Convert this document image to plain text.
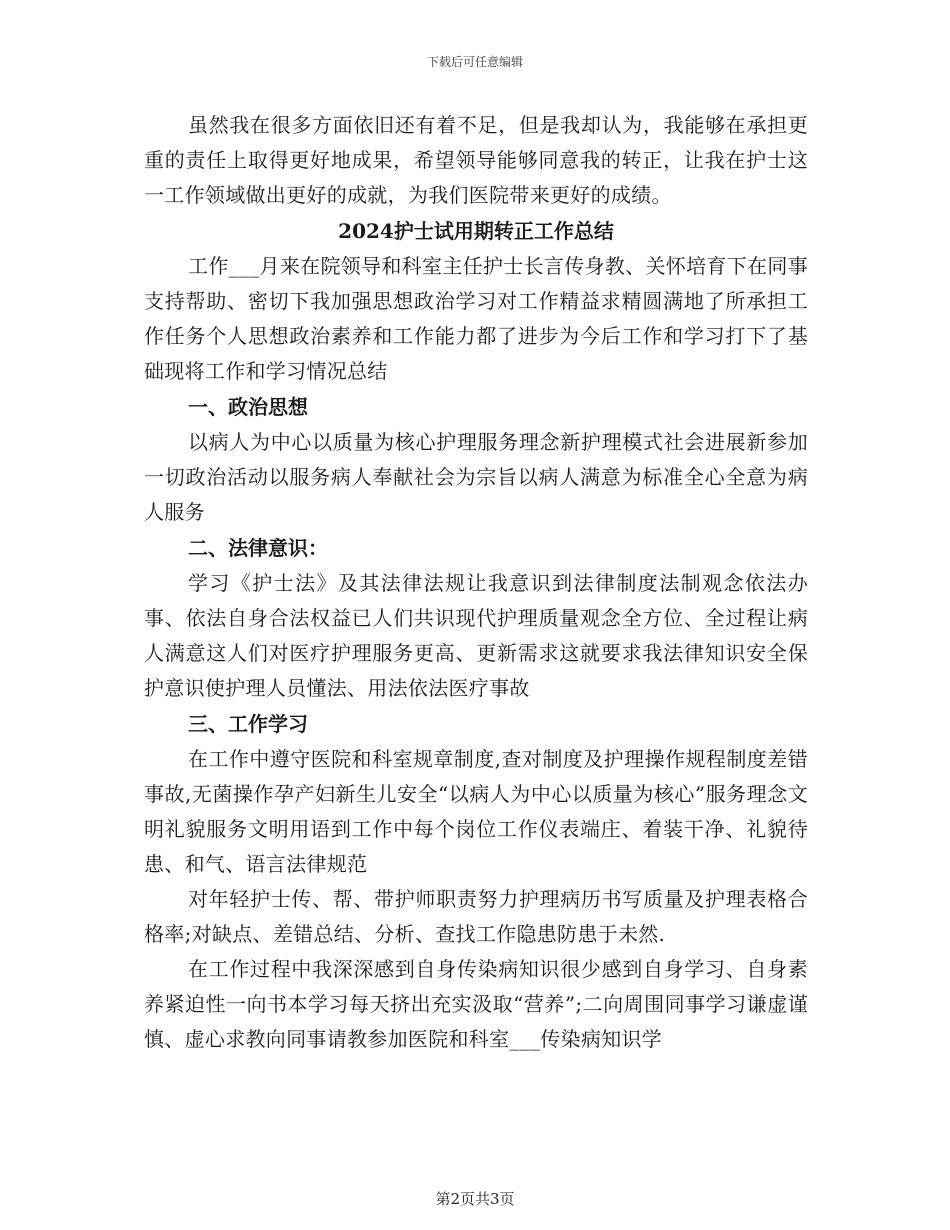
下载后可任意编辑

虽然我在很多方面依旧还有着不足，但是我却认为，我能够在承担更重的责任上取得更好地成果，希望领导能够同意我的转正，让我在护士这一工作领域做出更好的成就，为我们医院带来更好的成绩。

2024护士试用期转正工作总结

工作___月来在院领导和科室主任护士长言传身教、关怀培育下在同事支持帮助、密切下我加强思想政治学习对工作精益求精圆满地了所承担工作任务个人思想政治素养和工作能力都了进步为今后工作和学习打下了基础现将工作和学习情况总结

一、政治思想

以病人为中心以质量为核心护理服务理念新护理模式社会进展新参加一切政治活动以服务病人奉献社会为宗旨以病人满意为标准全心全意为病人服务

二、法律意识：

学习《护士法》及其法律法规让我意识到法律制度法制观念依法办事、依法自身合法权益已人们共识现代护理质量观念全方位、全过程让病人满意这人们对医疗护理服务更高、更新需求这就要求我法律知识安全保护意识使护理人员懂法、用法依法医疗事故

三、工作学习

在工作中遵守医院和科室规章制度,查对制度及护理操作规程制度差错事故,无菌操作孕产妇新生儿安全“以病人为中心以质量为核心”服务理念文明礼貌服务文明用语到工作中每个岗位工作仪表端庄、着装干净、礼貌待患、和气、语言法律规范

对年轻护士传、帮、带护师职责努力护理病历书写质量及护理表格合格率;对缺点、差错总结、分析、查找工作隐患防患于未然.

在工作过程中我深深感到自身传染病知识很少感到自身学习、自身素养紧迫性一向书本学习每天挤出充实汲取“营养”;二向周围同事学习谦虚谨慎、虚心求教向同事请教参加医院和科室___传染病知识学

第2页共3页
